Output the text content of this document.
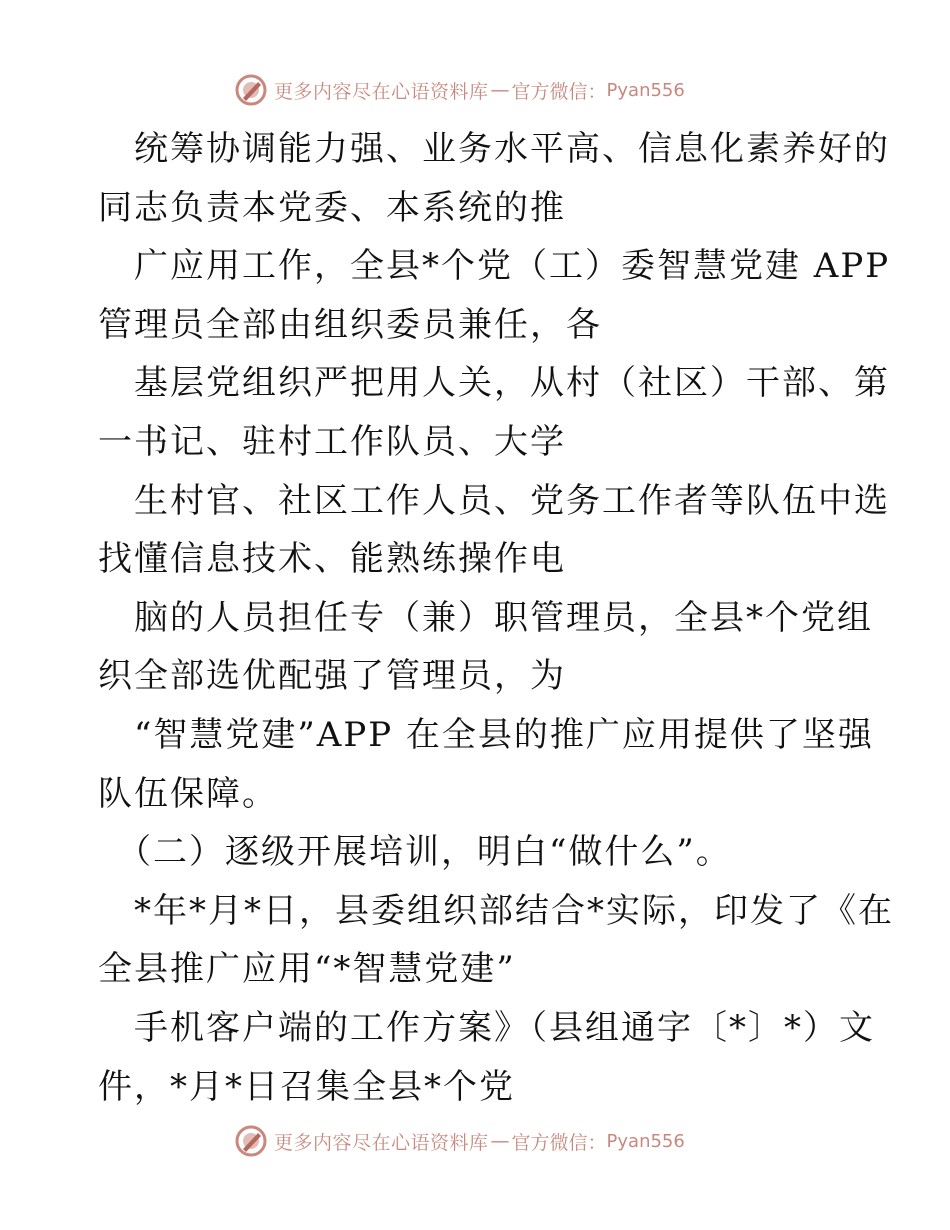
更多内容尽在心语资料库 — 官方微信： Pyan556
　统筹协调能力强、业务水平高、信息化素养好的
同志负责本党委、本系统的推
　广应用工作，全县*个党（工）委智慧党建 APP
管理员全部由组织委员兼任，各
　基层党组织严把用人关，从村（社区）干部、第
一书记、驻村工作队员、大学
　生村官、社区工作人员、党务工作者等队伍中选
找懂信息技术、能熟练操作电
　脑的人员担任专（兼）职管理员，全县*个党组
织全部选优配强了管理员，为
　“智慧党建”APP 在全县的推广应用提供了坚强
队伍保障。
　（二）逐级开展培训，明白“做什么”。
　*年*月*日，县委组织部结合*实际，印发了《在
全县推广应用“*智慧党建”
　手机客户端的工作方案》（县组通字〔*〕*）文
件，*月*日召集全县*个党
更多内容尽在心语资料库 — 官方微信： Pyan556
